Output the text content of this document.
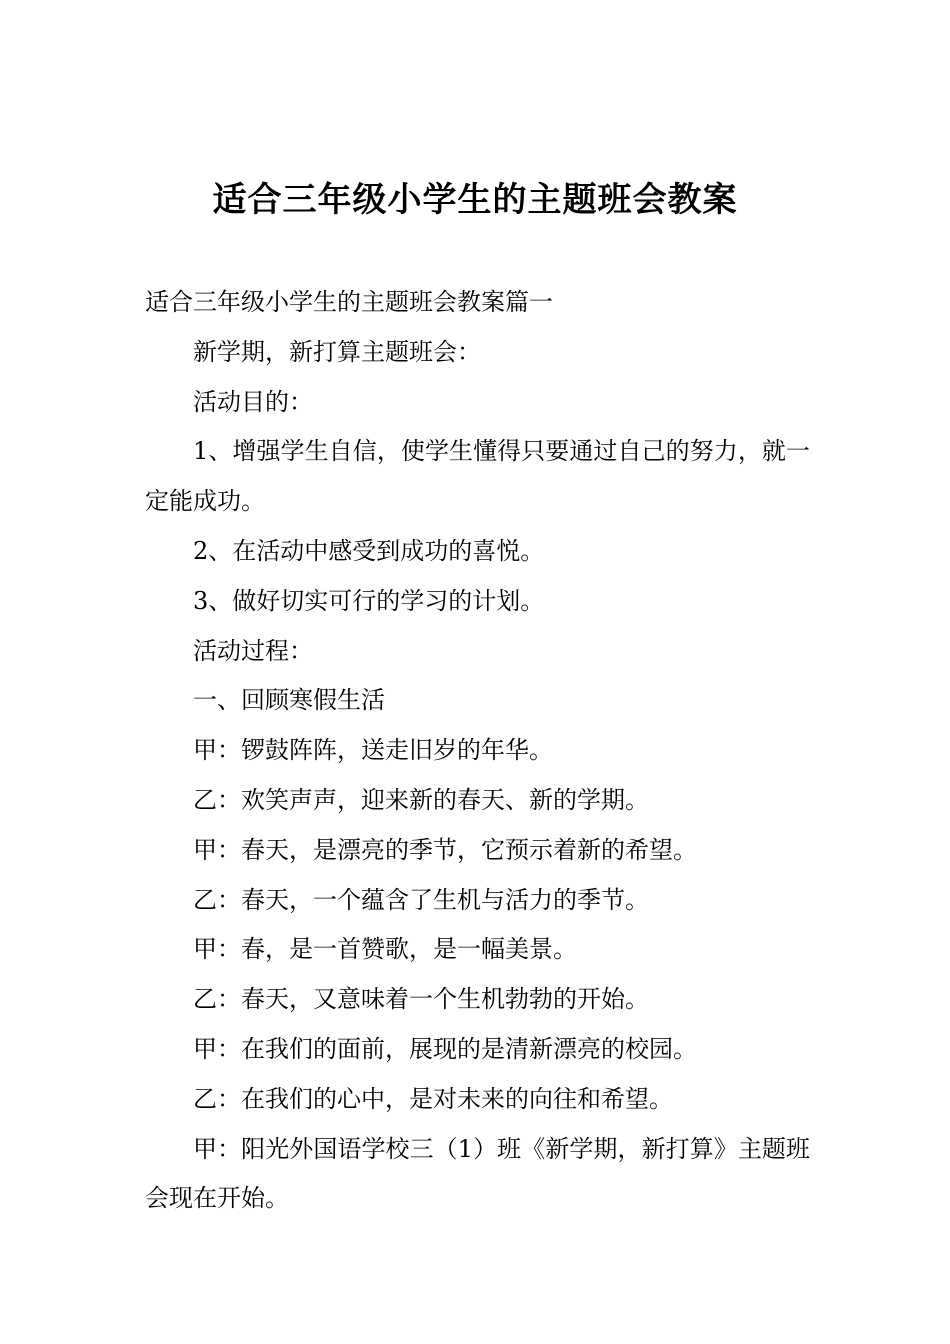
适合三年级小学生的主题班会教案

适合三年级小学生的主题班会教案篇一

新学期，新打算主题班会：

活动目的：

1、增强学生自信，使学生懂得只要通过自己的努力，就一定能成功。

2、在活动中感受到成功的喜悦。

3、做好切实可行的学习的计划。

活动过程：

一、回顾寒假生活

甲：锣鼓阵阵，送走旧岁的年华。

乙：欢笑声声，迎来新的春天、新的学期。

甲：春天，是漂亮的季节，它预示着新的希望。

乙：春天，一个蕴含了生机与活力的季节。

甲：春，是一首赞歌，是一幅美景。

乙：春天，又意味着一个生机勃勃的开始。

甲：在我们的面前，展现的是清新漂亮的校园。

乙：在我们的心中，是对未来的向往和希望。

甲：阳光外国语学校三（1）班《新学期，新打算》主题班会现在开始。
